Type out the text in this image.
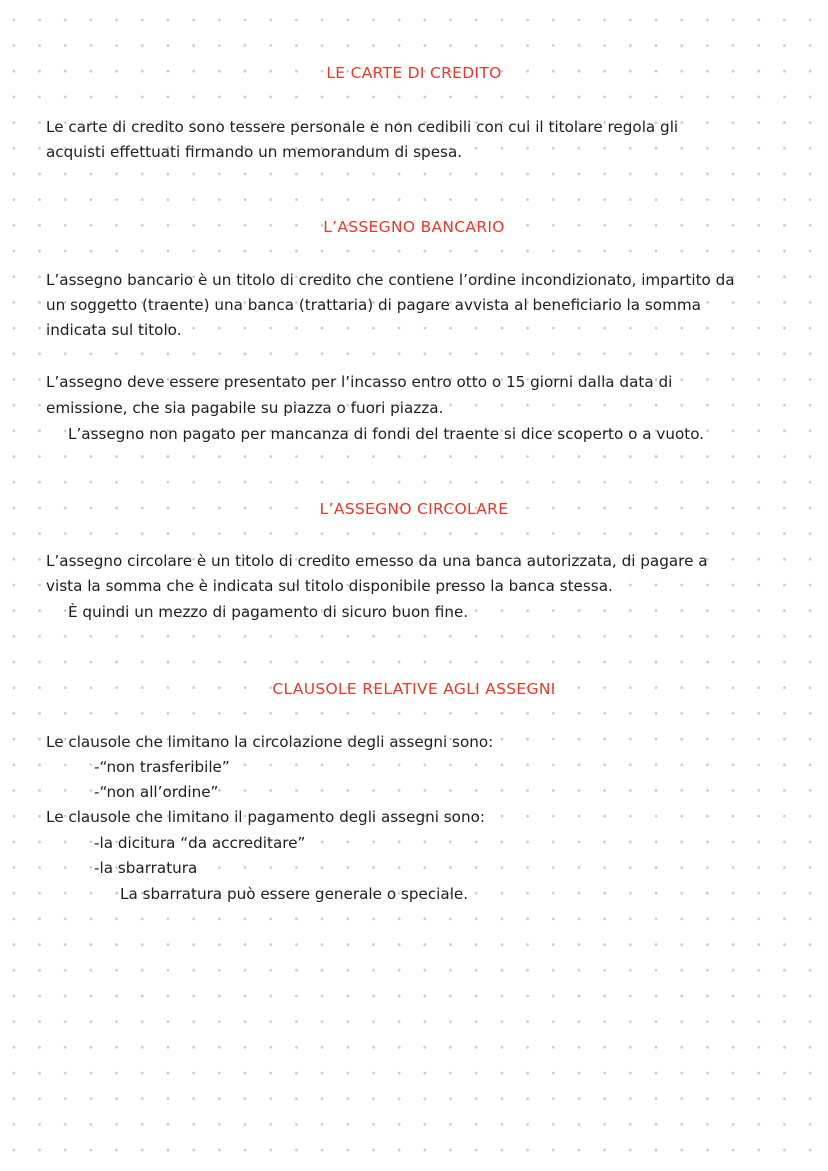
LE CARTE DI CREDITO

Le carte di credito sono tessere personale e non cedibili con cui il titolare regola gli

acquisti effettuati firmando un memorandum di spesa.

L’ASSEGNO BANCARIO

L’assegno bancario è un titolo di credito che contiene l’ordine incondizionato, impartito da

un soggetto (traente) una banca (trattaria) di pagare avvista al beneficiario la somma

indicata sul titolo.

L’assegno deve essere presentato per l’incasso entro otto o 15 giorni dalla data di

emissione, che sia pagabile su piazza o fuori piazza.

L’assegno non pagato per mancanza di fondi del traente si dice scoperto o a vuoto.

L’ASSEGNO CIRCOLARE

L’assegno circolare è un titolo di credito emesso da una banca autorizzata, di pagare a

vista la somma che è indicata sul titolo disponibile presso la banca stessa.

È quindi un mezzo di pagamento di sicuro buon fine.

CLAUSOLE RELATIVE AGLI ASSEGNI

Le clausole che limitano la circolazione degli assegni sono:

-“non trasferibile”

-“non all’ordine”

Le clausole che limitano il pagamento degli assegni sono:

-la dicitura “da accreditare”

-la sbarratura

La sbarratura può essere generale o speciale.
